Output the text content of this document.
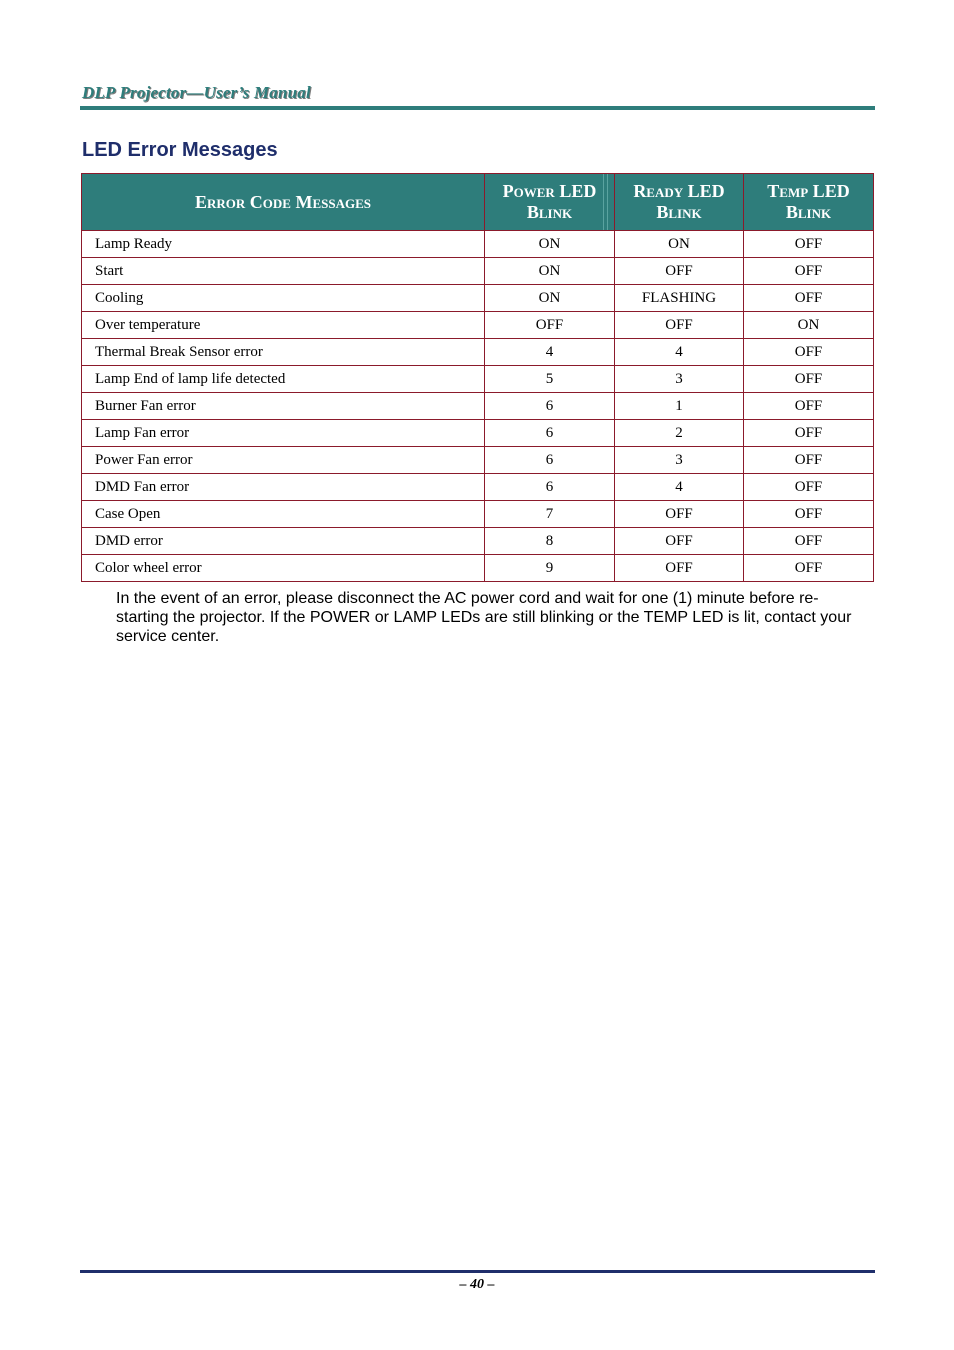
DLP Projector—User’s Manual
LED Error Messages
Error Code Messages	Power LED Blink	Ready LED Blink	Temp LED Blink
Lamp Ready	ON	ON	OFF
Start	ON	OFF	OFF
Cooling	ON	FLASHING	OFF
Over temperature	OFF	OFF	ON
Thermal Break Sensor error	4	4	OFF
Lamp End of lamp life detected	5	3	OFF
Burner Fan error	6	1	OFF
Lamp Fan error	6	2	OFF
Power Fan error	6	3	OFF
DMD Fan error	6	4	OFF
Case Open	7	OFF	OFF
DMD error	8	OFF	OFF
Color wheel error	9	OFF	OFF

In the event of an error, please disconnect the AC power cord and wait for one (1) minute before re-starting the projector. If the POWER or LAMP LEDs are still blinking or the TEMP LED is lit, contact your service center.

– 40 –
